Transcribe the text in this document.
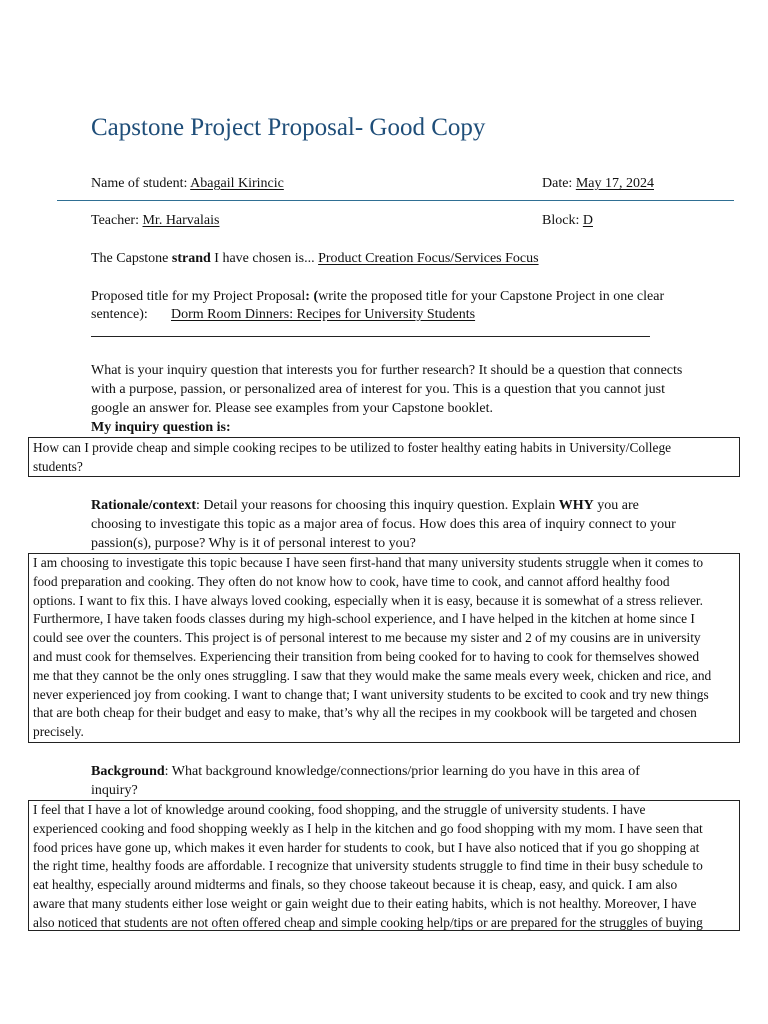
Capstone Project Proposal- Good Copy
Name of student: Abagail Kirincic	Date: May 17, 2024
Teacher: Mr. Harvalais	Block: D
The Capstone strand I have chosen is... Product Creation Focus/Services Focus
Proposed title for my Project Proposal: (write the proposed title for your Capstone Project in one clear
sentence): Dorm Room Dinners: Recipes for University Students
What is your inquiry question that interests you for further research? It should be a question that connects
with a purpose, passion, or personalized area of interest for you. This is a question that you cannot just
google an answer for. Please see examples from your Capstone booklet.
My inquiry question is:
How can I provide cheap and simple cooking recipes to be utilized to foster healthy eating habits in University/College
students?
Rationale/context: Detail your reasons for choosing this inquiry question. Explain WHY you are
choosing to investigate this topic as a major area of focus. How does this area of inquiry connect to your
passion(s), purpose? Why is it of personal interest to you?
I am choosing to investigate this topic because I have seen first-hand that many university students struggle when it comes to
food preparation and cooking. They often do not know how to cook, have time to cook, and cannot afford healthy food
options. I want to fix this. I have always loved cooking, especially when it is easy, because it is somewhat of a stress reliever.
Furthermore, I have taken foods classes during my high-school experience, and I have helped in the kitchen at home since I
could see over the counters. This project is of personal interest to me because my sister and 2 of my cousins are in university
and must cook for themselves. Experiencing their transition from being cooked for to having to cook for themselves showed
me that they cannot be the only ones struggling. I saw that they would make the same meals every week, chicken and rice, and
never experienced joy from cooking. I want to change that; I want university students to be excited to cook and try new things
that are both cheap for their budget and easy to make, that’s why all the recipes in my cookbook will be targeted and chosen
precisely.
Background: What background knowledge/connections/prior learning do you have in this area of
inquiry?
I feel that I have a lot of knowledge around cooking, food shopping, and the struggle of university students. I have
experienced cooking and food shopping weekly as I help in the kitchen and go food shopping with my mom. I have seen that
food prices have gone up, which makes it even harder for students to cook, but I have also noticed that if you go shopping at
the right time, healthy foods are affordable. I recognize that university students struggle to find time in their busy schedule to
eat healthy, especially around midterms and finals, so they choose takeout because it is cheap, easy, and quick. I am also
aware that many students either lose weight or gain weight due to their eating habits, which is not healthy. Moreover, I have
also noticed that students are not often offered cheap and simple cooking help/tips or are prepared for the struggles of buying
